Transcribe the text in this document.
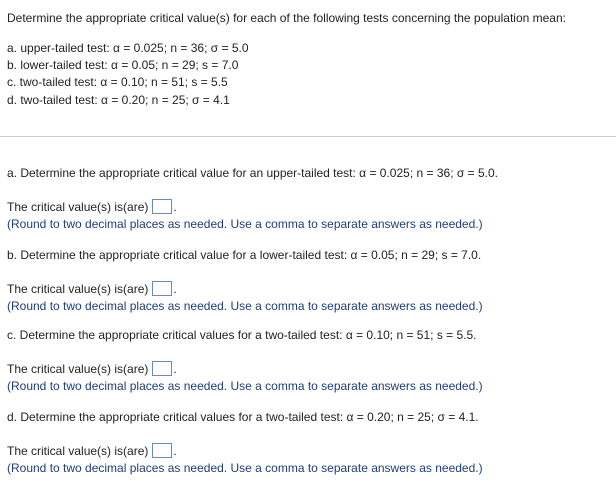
Determine the appropriate critical value(s) for each of the following tests concerning the population mean:
a. upper-tailed test: α = 0.025; n = 36; σ = 5.0
b. lower-tailed test: α = 0.05; n = 29; s = 7.0
c. two-tailed test: α = 0.10; n = 51; s = 5.5
d. two-tailed test: α = 0.20; n = 25; σ = 4.1
a. Determine the appropriate critical value for an upper-tailed test: α = 0.025; n = 36; σ = 5.0.
The critical value(s) is(are) .
(Round to two decimal places as needed. Use a comma to separate answers as needed.)
b. Determine the appropriate critical value for a lower-tailed test: α = 0.05; n = 29; s = 7.0.
The critical value(s) is(are) .
(Round to two decimal places as needed. Use a comma to separate answers as needed.)
c. Determine the appropriate critical values for a two-tailed test: α = 0.10; n = 51; s = 5.5.
The critical value(s) is(are) .
(Round to two decimal places as needed. Use a comma to separate answers as needed.)
d. Determine the appropriate critical values for a two-tailed test: α = 0.20; n = 25; σ = 4.1.
The critical value(s) is(are) .
(Round to two decimal places as needed. Use a comma to separate answers as needed.)
